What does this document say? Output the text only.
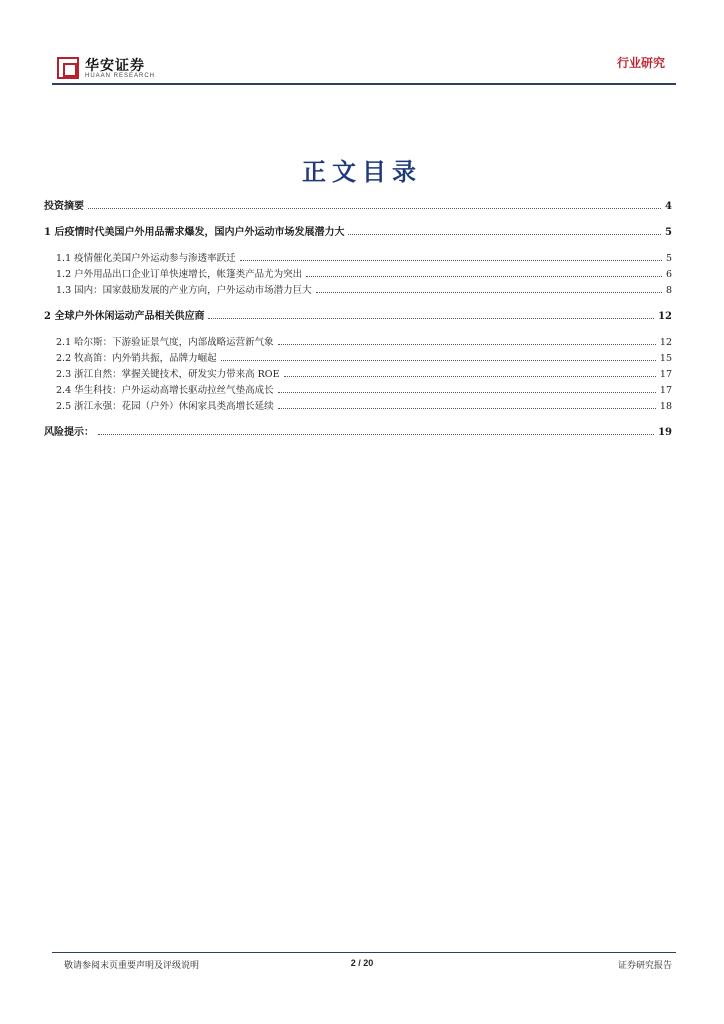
华安证券
HUAAN RESEARCH
行业研究
正文目录
投资摘要	4
1 后疫情时代美国户外用品需求爆发，国内户外运动市场发展潜力大	5
1.1 疫情催化美国户外运动参与渗透率跃迁	5
1.2 户外用品出口企业订单快速增长，帐篷类产品尤为突出	6
1.3 国内：国家鼓励发展的产业方向，户外运动市场潜力巨大	8
2 全球户外休闲运动产品相关供应商	12
2.1 哈尔斯：下游验证景气度，内部战略运营新气象	12
2.2 牧高笛：内外销共振，品牌力崛起	15
2.3 浙江自然：掌握关键技术，研发实力带来高 ROE	17
2.4 华生科技：户外运动高增长驱动拉丝气垫高成长	17
2.5 浙江永强：花园（户外）休闲家具类高增长延续	18
风险提示：	19
敬请参阅末页重要声明及评级说明	2 / 20	证券研究报告
